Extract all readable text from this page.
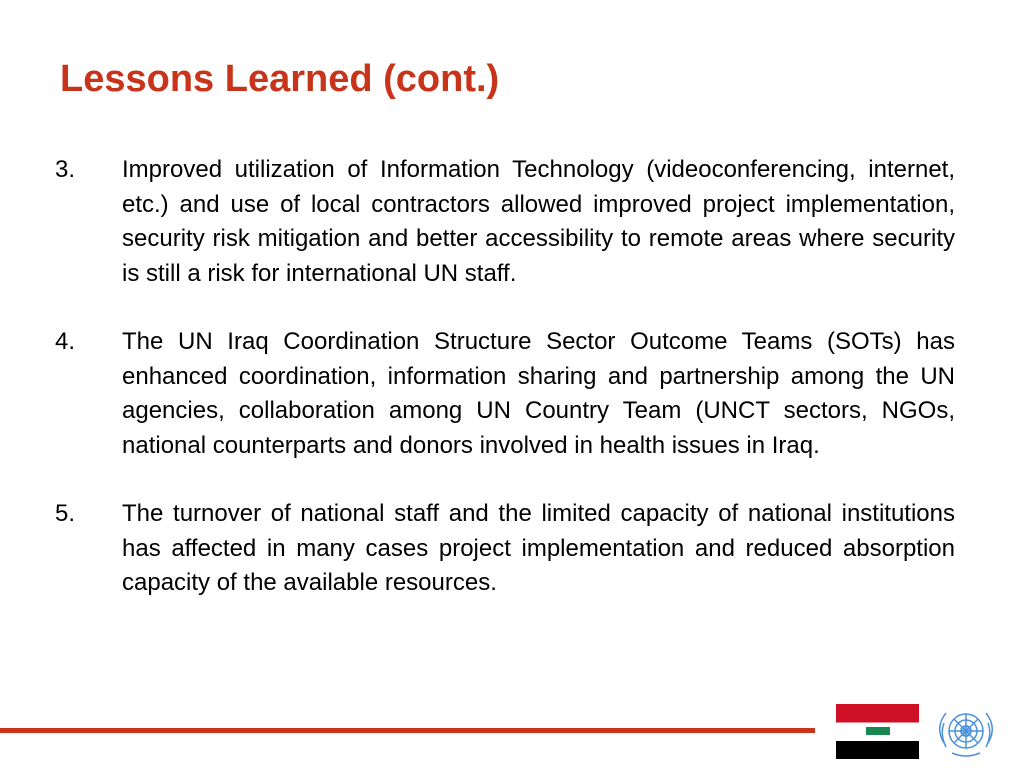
Lessons Learned (cont.)
3.	Improved utilization of Information Technology (videoconferencing, internet, etc.) and use of local contractors allowed improved project implementation, security risk mitigation and better accessibility to remote areas where security is still a risk for international UN staff.
4.	The UN Iraq Coordination Structure Sector Outcome Teams (SOTs) has enhanced coordination, information sharing and partnership among the UN agencies, collaboration among UN Country Team (UNCT sectors, NGOs, national counterparts and donors involved in health issues in Iraq.
5.	The turnover of national staff and the limited capacity of national institutions has affected in many cases project implementation and reduced absorption capacity of the available resources.
